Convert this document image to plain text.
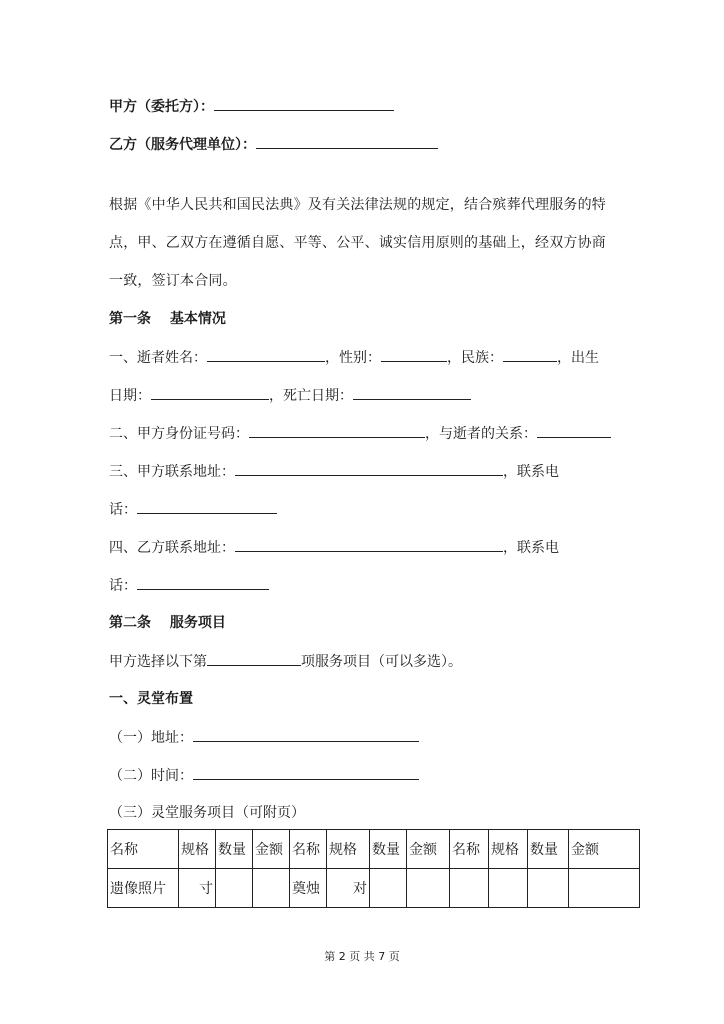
甲方（委托方）：
乙方（服务代理单位）：
根据《中华人民共和国民法典》及有关法律法规的规定，结合殡葬代理服务的特点，甲、乙双方在遵循自愿、平等、公平、诚实信用原则的基础上，经双方协商一致，签订本合同。
第一条　 基本情况
一、逝者姓名：	，性别：	，民族：	，出生
日期：	，死亡日期：
二、甲方身份证号码：	，与逝者的关系：
三、甲方联系地址：	，联系电
话：
四、乙方联系地址：	，联系电
话：
第二条　 服务项目
甲方选择以下第	项服务项目（可以多选）。
一、灵堂布置
（一）地址：
（二）时间：
（三）灵堂服务项目（可附页）
名称	规格	数量	金额	名称	规格	数量	金额	名称	规格	数量	金额
遗像照片	寸			奠烛	对						
第 2 页 共 7 页
